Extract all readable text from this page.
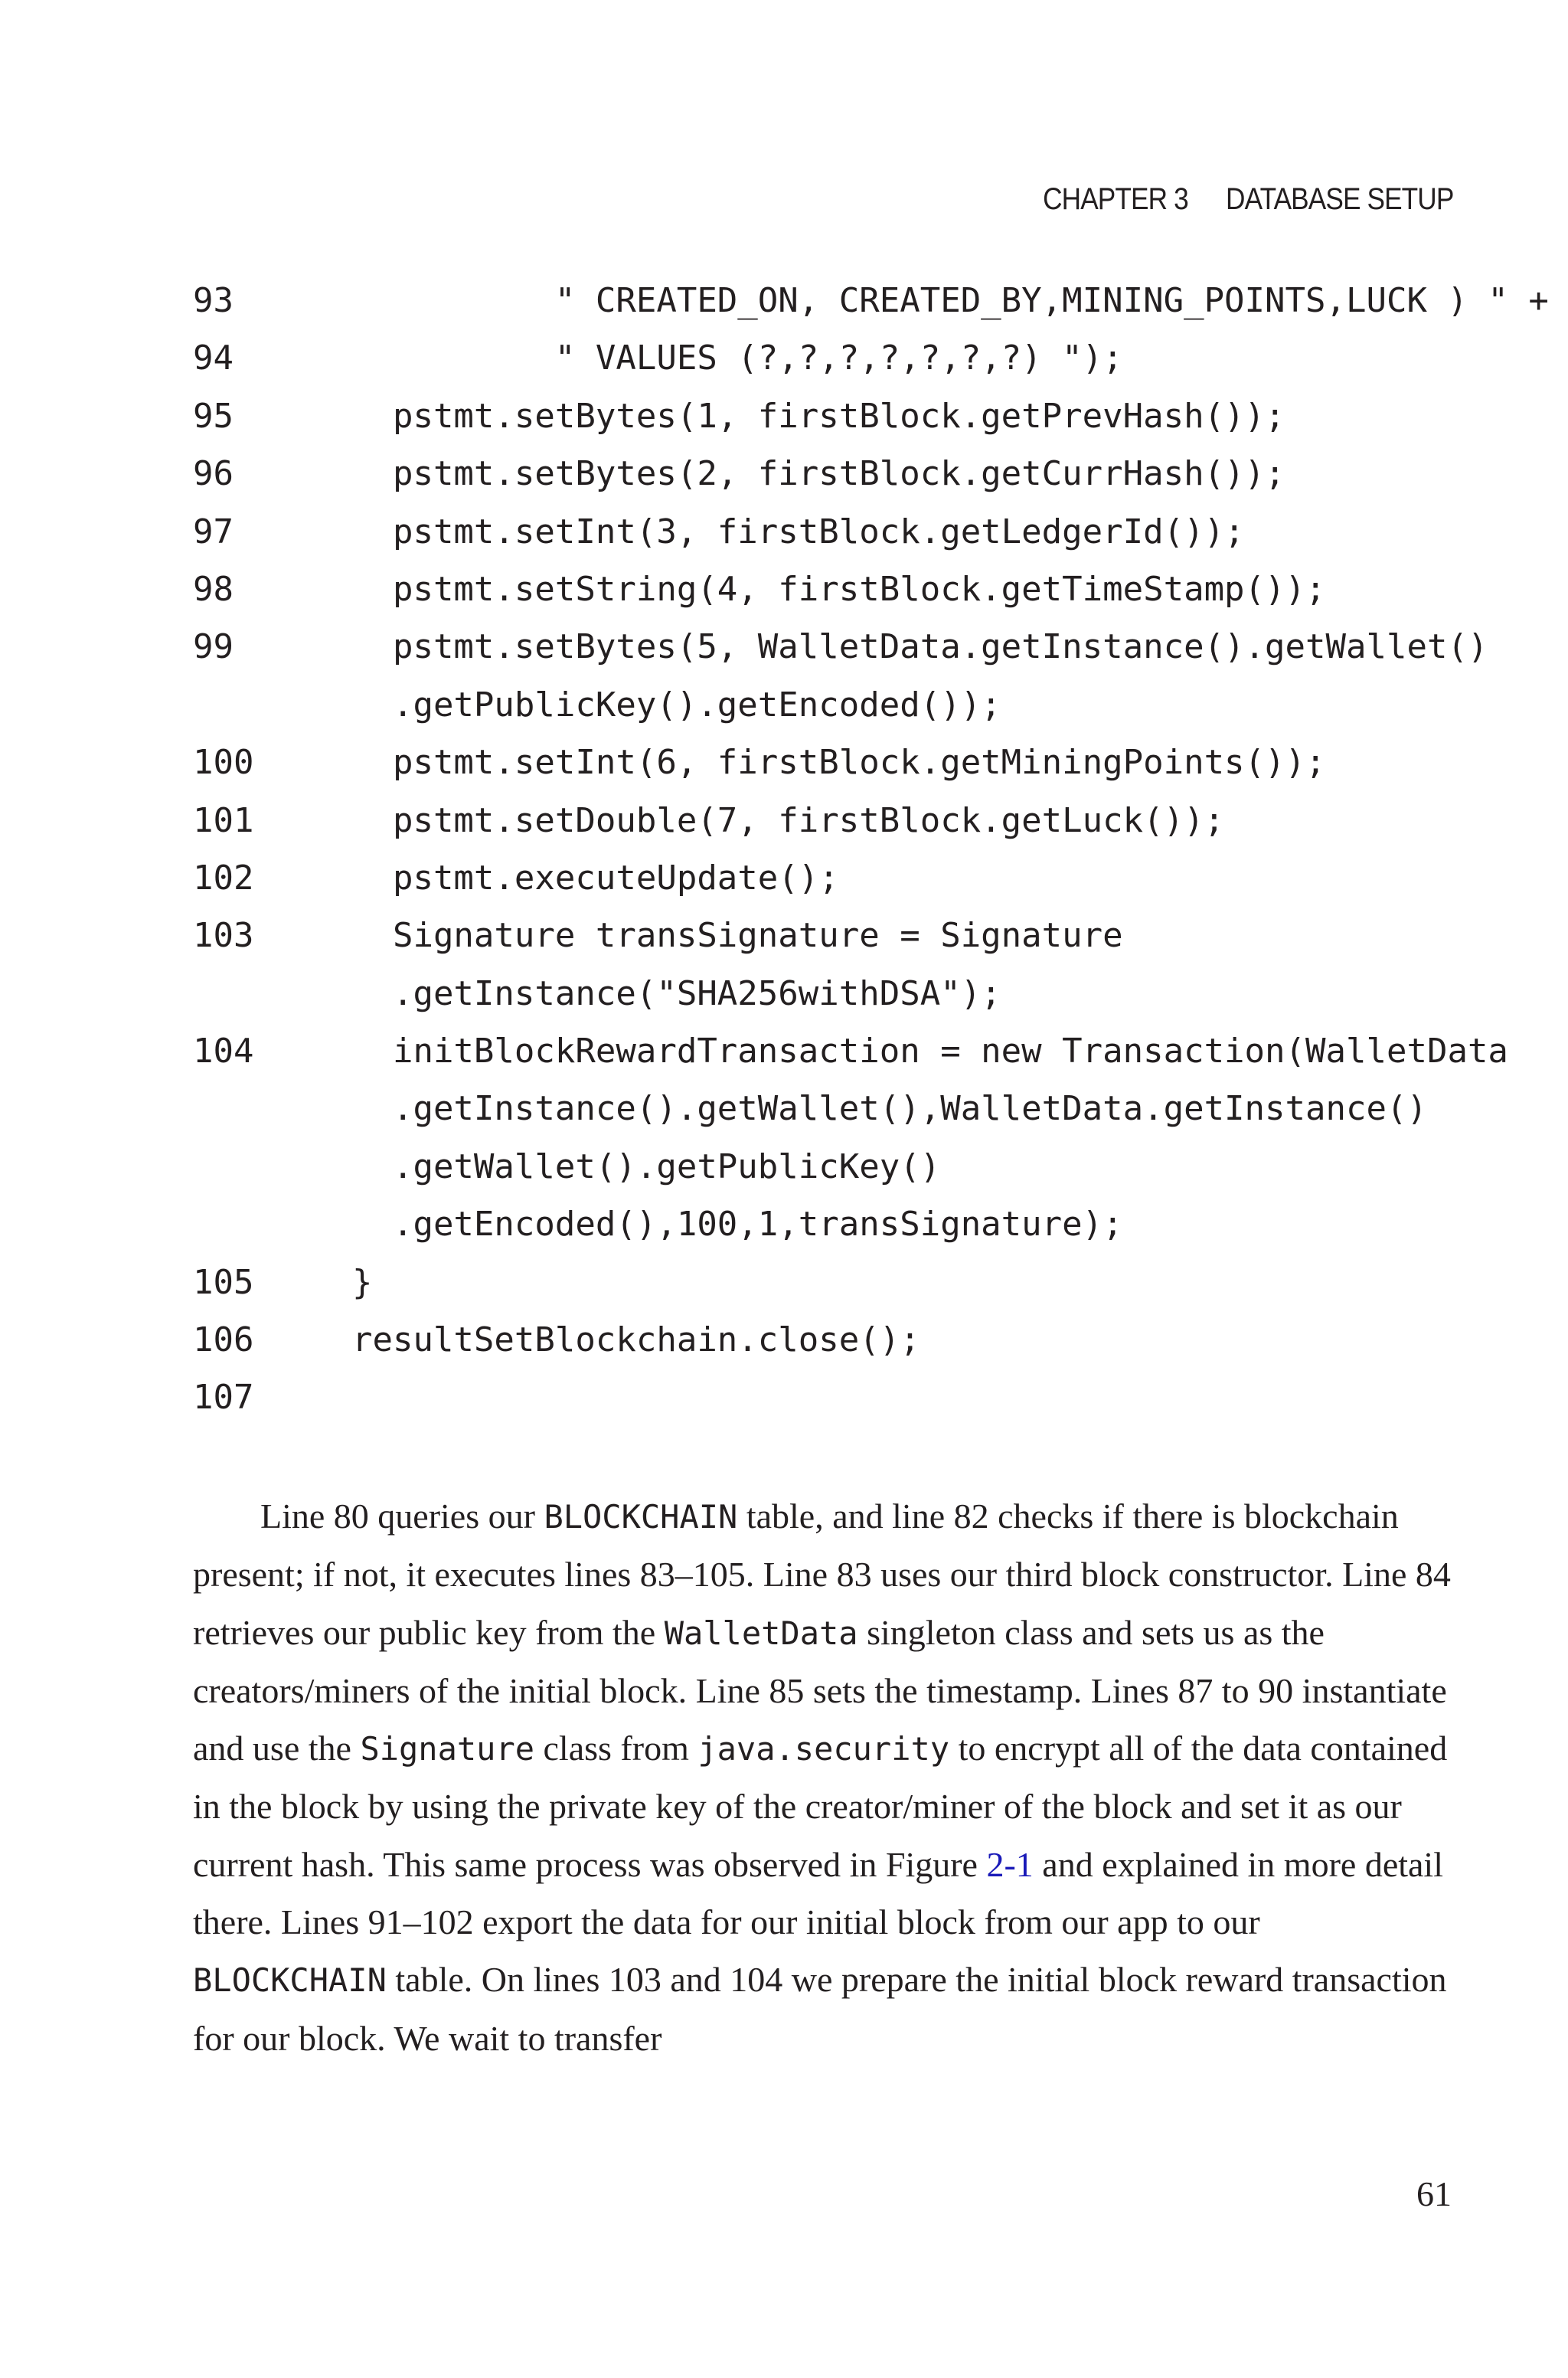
CHAPTER 3 DATABASE SETUP
93	" CREATED_ON, CREATED_BY,MINING_POINTS,LUCK ) " +
94	" VALUES (?,?,?,?,?,?,?) ");
95	pstmt.setBytes(1, firstBlock.getPrevHash());
96	pstmt.setBytes(2, firstBlock.getCurrHash());
97	pstmt.setInt(3, firstBlock.getLedgerId());
98	pstmt.setString(4, firstBlock.getTimeStamp());
99	pstmt.setBytes(5, WalletData.getInstance().getWallet()
.getPublicKey().getEncoded());
100	pstmt.setInt(6, firstBlock.getMiningPoints());
101	pstmt.setDouble(7, firstBlock.getLuck());
102	pstmt.executeUpdate();
103	Signature transSignature = Signature
.getInstance("SHA256withDSA");
104	initBlockRewardTransaction = new Transaction(WalletData
.getInstance().getWallet(),WalletData.getInstance()
.getWallet().getPublicKey()
.getEncoded(),100,1,transSignature);
105	}
106	resultSetBlockchain.close();
107

Line 80 queries our BLOCKCHAIN table, and line 82 checks if there is blockchain present; if not, it executes lines 83–105. Line 83 uses our third block constructor. Line 84 retrieves our public key from the WalletData singleton class and sets us as the creators/miners of the initial block. Line 85 sets the timestamp. Lines 87 to 90 instantiate and use the Signature class from java.security to encrypt all of the data contained in the block by using the private key of the creator/miner of the block and set it as our current hash. This same process was observed in Figure 2-1 and explained in more detail there. Lines 91–102 export the data for our initial block from our app to our BLOCKCHAIN table. On lines 103 and 104 we prepare the initial block reward transaction for our block. We wait to transfer

61
